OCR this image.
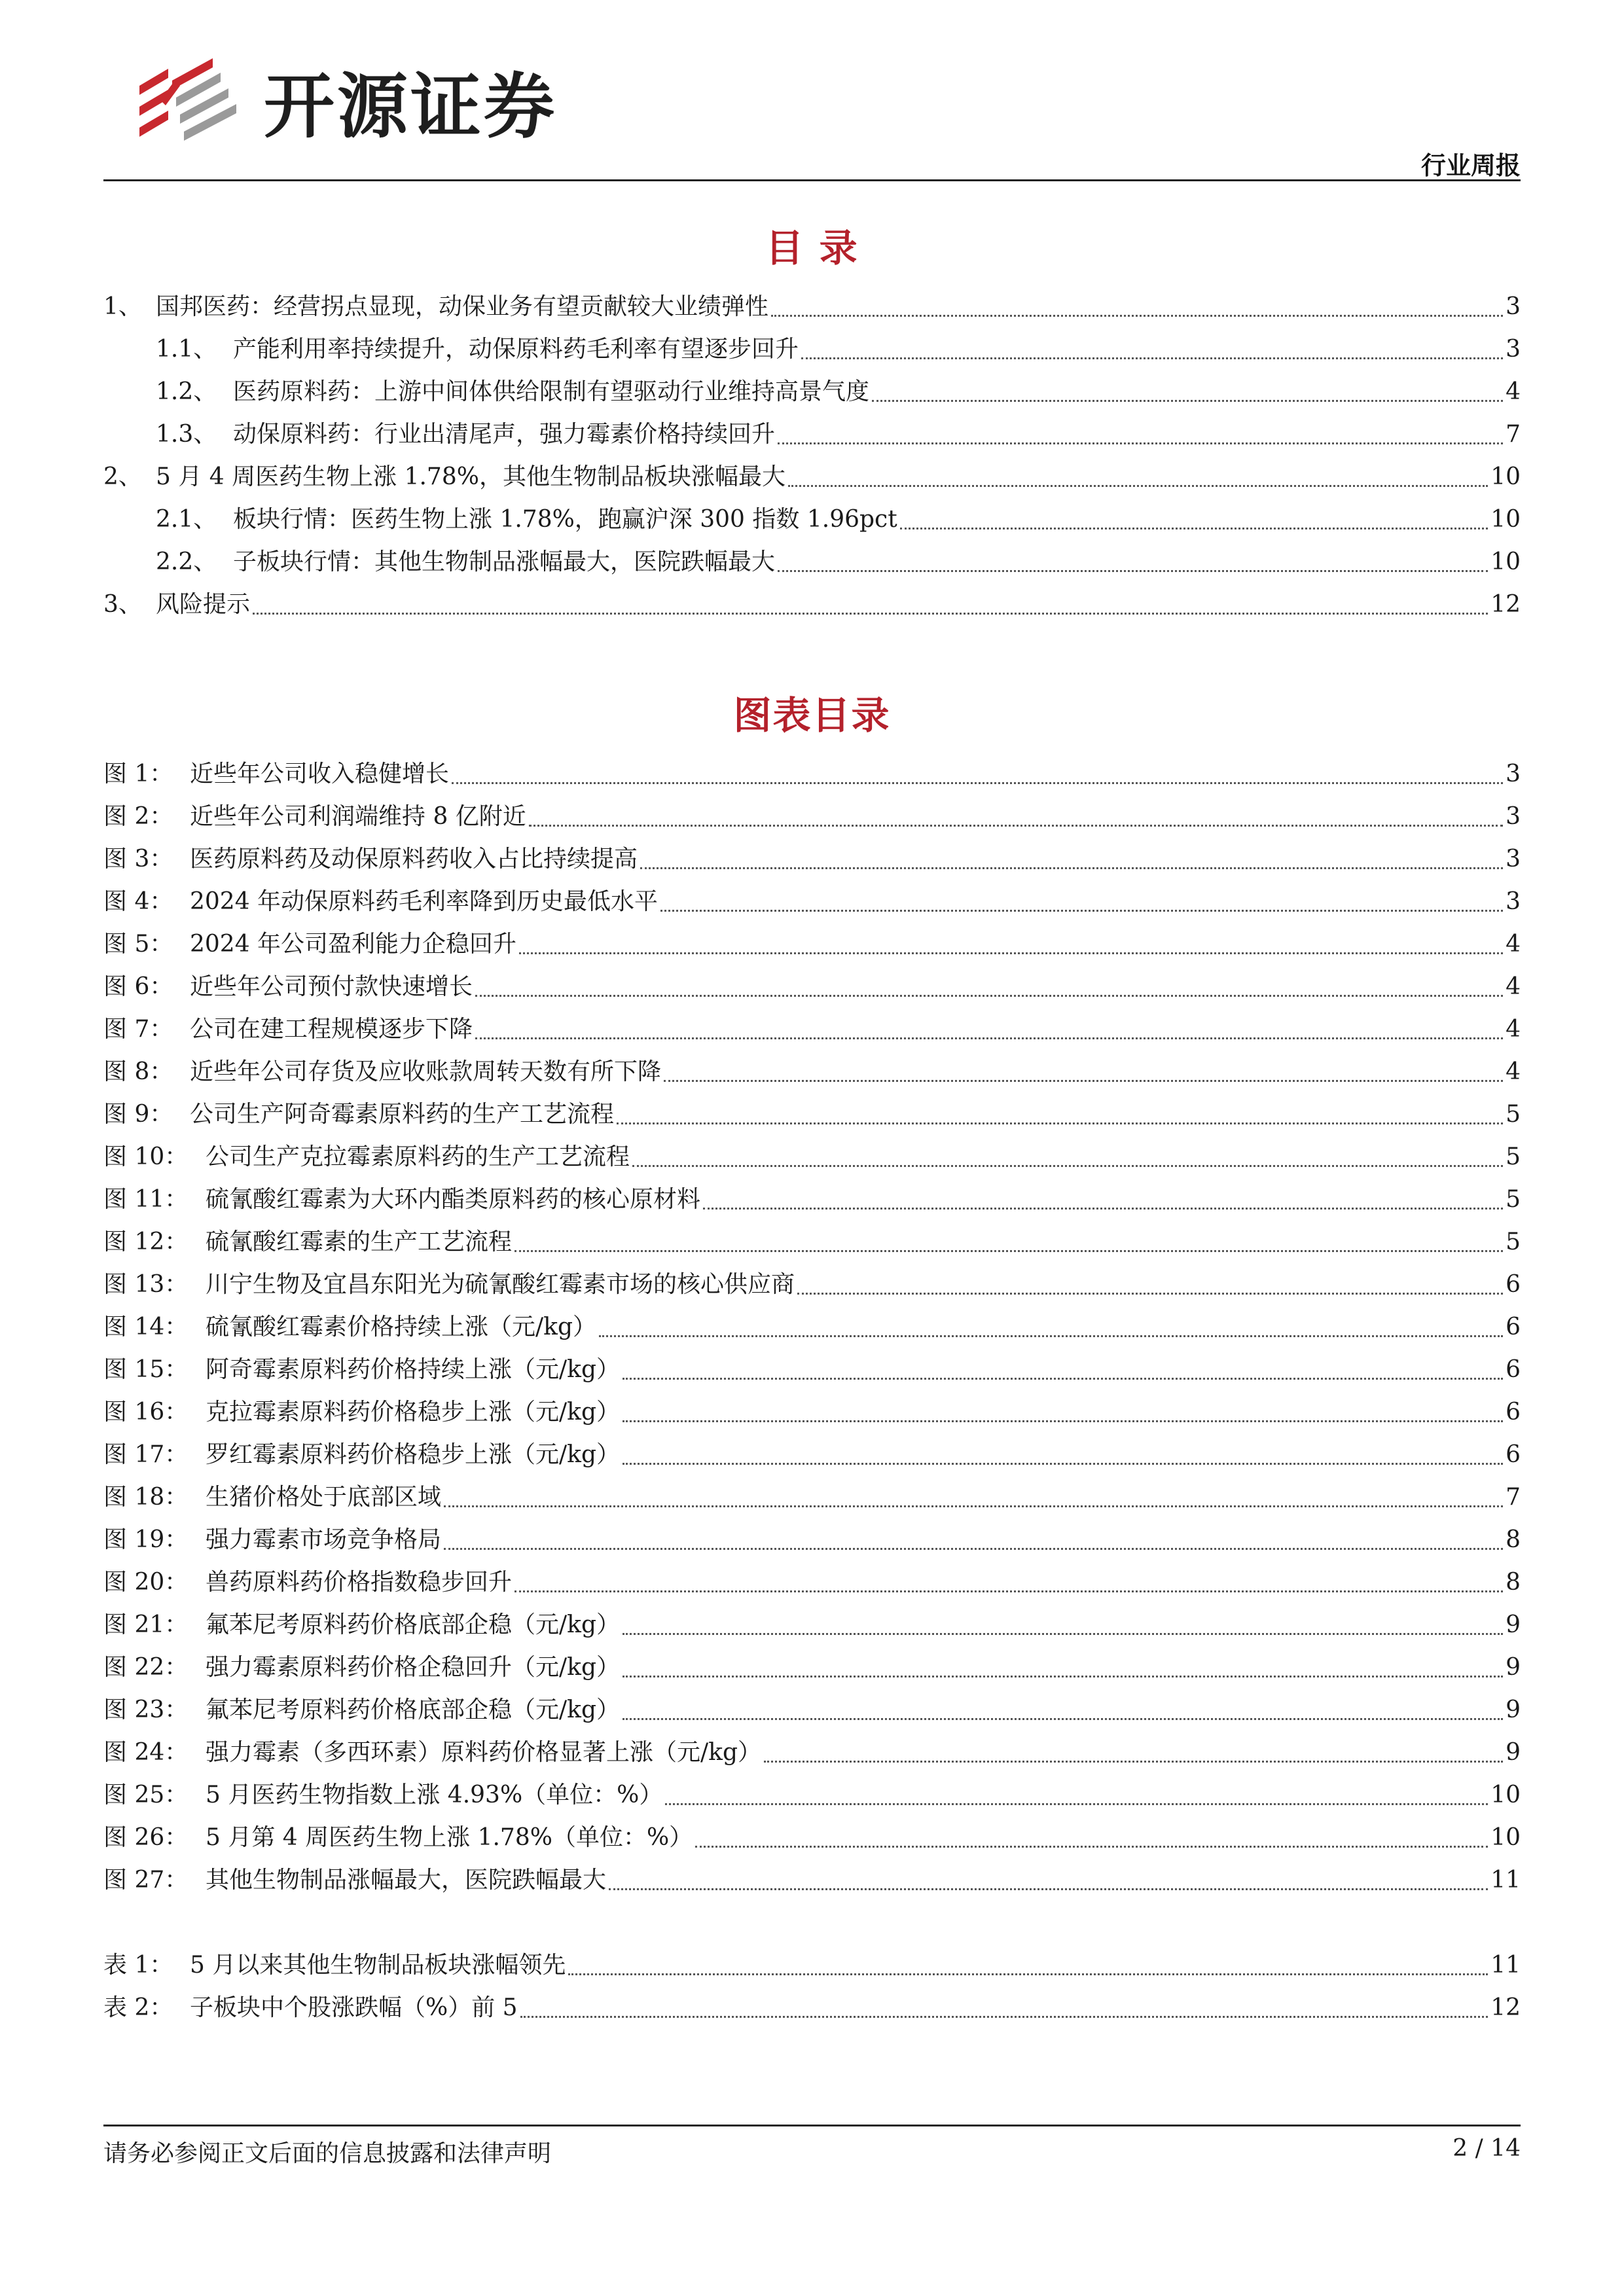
开源证券
行业周报
目 录
1、 国邦医药：经营拐点显现，动保业务有望贡献较大业绩弹性	3
1.1、 产能利用率持续提升，动保原料药毛利率有望逐步回升	3
1.2、 医药原料药：上游中间体供给限制有望驱动行业维持高景气度	4
1.3、 动保原料药：行业出清尾声，强力霉素价格持续回升	7
2、 5 月 4 周医药生物上涨 1.78%，其他生物制品板块涨幅最大	10
2.1、 板块行情：医药生物上涨 1.78%，跑赢沪深 300 指数 1.96pct	10
2.2、 子板块行情：其他生物制品涨幅最大，医院跌幅最大	10
3、 风险提示	12
图表目录
图 1： 近些年公司收入稳健增长	3
图 2： 近些年公司利润端维持 8 亿附近	3
图 3： 医药原料药及动保原料药收入占比持续提高	3
图 4： 2024 年动保原料药毛利率降到历史最低水平	3
图 5： 2024 年公司盈利能力企稳回升	4
图 6： 近些年公司预付款快速增长	4
图 7： 公司在建工程规模逐步下降	4
图 8： 近些年公司存货及应收账款周转天数有所下降	4
图 9： 公司生产阿奇霉素原料药的生产工艺流程	5
图 10： 公司生产克拉霉素原料药的生产工艺流程	5
图 11： 硫氰酸红霉素为大环内酯类原料药的核心原材料	5
图 12： 硫氰酸红霉素的生产工艺流程	5
图 13： 川宁生物及宜昌东阳光为硫氰酸红霉素市场的核心供应商	6
图 14： 硫氰酸红霉素价格持续上涨（元/kg）	6
图 15： 阿奇霉素原料药价格持续上涨（元/kg）	6
图 16： 克拉霉素原料药价格稳步上涨（元/kg）	6
图 17： 罗红霉素原料药价格稳步上涨（元/kg）	6
图 18： 生猪价格处于底部区域	7
图 19： 强力霉素市场竞争格局	8
图 20： 兽药原料药价格指数稳步回升	8
图 21： 氟苯尼考原料药价格底部企稳（元/kg）	9
图 22： 强力霉素原料药价格企稳回升（元/kg）	9
图 23： 氟苯尼考原料药价格底部企稳（元/kg）	9
图 24： 强力霉素（多西环素）原料药价格显著上涨（元/kg）	9
图 25： 5 月医药生物指数上涨 4.93%（单位：%）	10
图 26： 5 月第 4 周医药生物上涨 1.78%（单位：%）	10
图 27： 其他生物制品涨幅最大，医院跌幅最大	11
表 1： 5 月以来其他生物制品板块涨幅领先	11
表 2： 子板块中个股涨跌幅（%）前 5	12
请务必参阅正文后面的信息披露和法律声明	2 / 14
